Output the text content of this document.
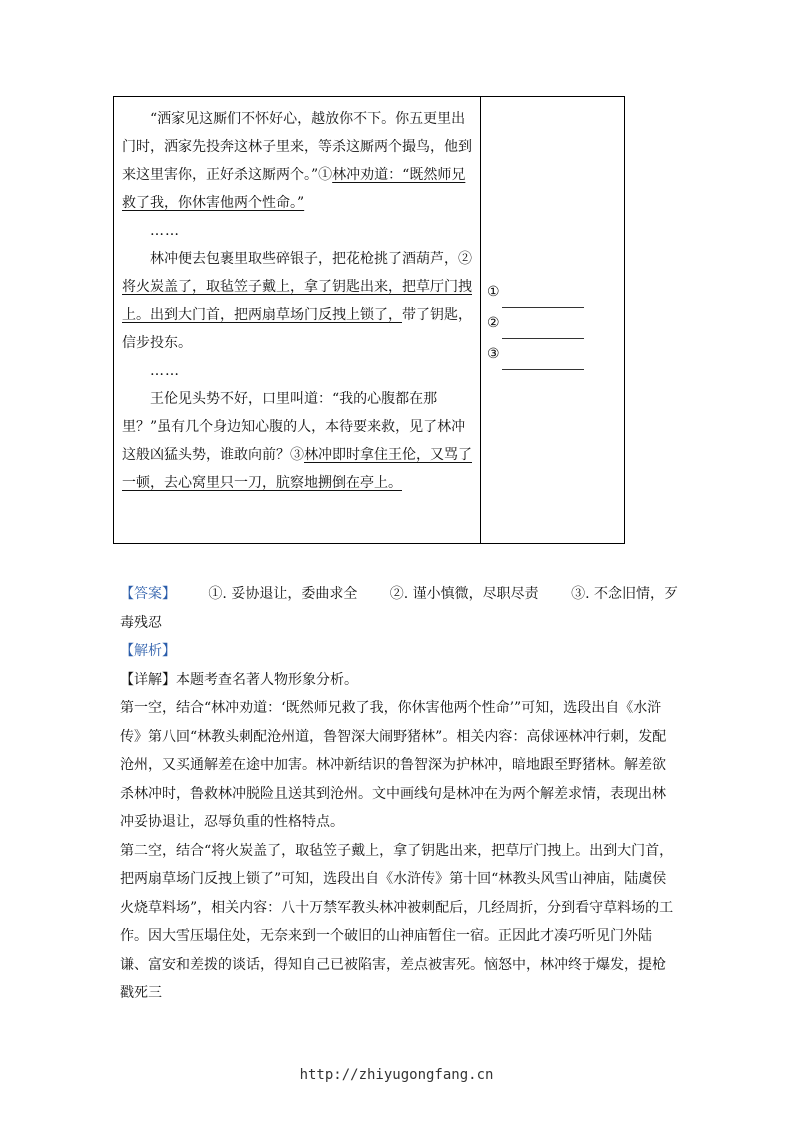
“洒家见这厮们不怀好心，越放你不下。你五更里出门时，洒家先投奔这林子里来，等杀这厮两个撮鸟，他到来这里害你，正好杀这厮两个。”①林冲劝道：“既然师兄救了我，你休害他两个性命。”

……

林冲便去包裹里取些碎银子，把花枪挑了酒葫芦，②将火炭盖了，取毡笠子戴上，拿了钥匙出来，把草厅门拽上。出到大门首，把两扇草场门反拽上锁了，带了钥匙，信步投东。

……

王伦见头势不好，口里叫道：“我的心腹都在那里？”虽有几个身边知心腹的人，本待要来救，见了林冲这般凶猛头势，谁敢向前？③林冲即时拿住王伦，又骂了一顿，去心窝里只一刀，肮察地搠倒在亭上。

①
②
③
【答案】 ①. 妥协退让，委曲求全 ②. 谨小慎微，尽职尽责 ③. 不念旧情，歹

毒残忍

【解析】

【详解】本题考查名著人物形象分析。

第一空，结合“林冲劝道：‘既然师兄救了我，你休害他两个性命’”可知，选段出自《水浒传》第八回“林教头刺配沧州道，鲁智深大闹野猪林”。相关内容：高俅诬林冲行刺，发配沧州，又买通解差在途中加害。林冲新结识的鲁智深为护林冲，暗地跟至野猪林。解差欲杀林冲时，鲁救林冲脱险且送其到沧州。文中画线句是林冲在为两个解差求情，表现出林冲妥协退让，忍辱负重的性格特点。

第二空，结合“将火炭盖了，取毡笠子戴上，拿了钥匙出来，把草厅门拽上。出到大门首，把两扇草场门反拽上锁了”可知，选段出自《水浒传》第十回“林教头风雪山神庙，陆虞侯火烧草料场”，相关内容：八十万禁军教头林冲被刺配后，几经周折，分到看守草料场的工作。因大雪压塌住处，无奈来到一个破旧的山神庙暂住一宿。正因此才凑巧听见门外陆谦、富安和差拨的谈话，得知自己已被陷害，差点被害死。恼怒中，林冲终于爆发，提枪戳死三

http://zhiyugongfang.cn
